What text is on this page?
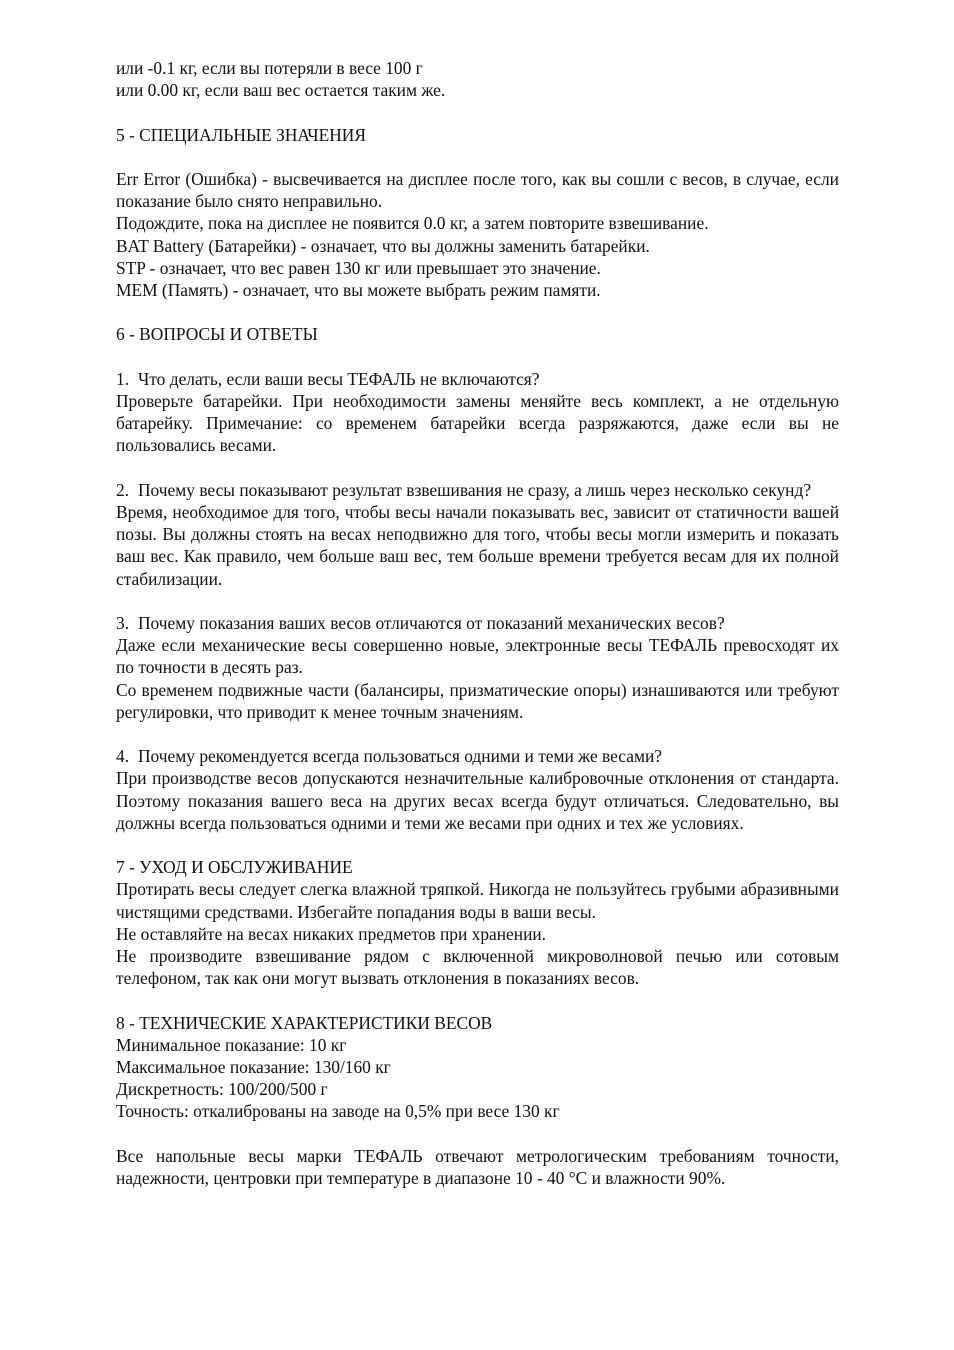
или -0.1 кг, если вы потеряли в весе 100 г

или 0.00 кг, если ваш вес остается таким же.

5 - СПЕЦИАЛЬНЫЕ ЗНАЧЕНИЯ

Err Error (Ошибка) - высвечивается на дисплее после того, как вы сошли с весов, в случае, если показание было снято неправильно.

Подождите, пока на дисплее не появится 0.0 кг, а затем повторите взвешивание.

BAT Battery (Батарейки) - означает, что вы должны заменить батарейки.

STP - означает, что вес равен 130 кг или превышает это значение.

MEM (Память) - означает, что вы можете выбрать режим памяти.

6 - ВОПРОСЫ И ОТВЕТЫ

1. Что делать, если ваши весы ТЕФАЛЬ не включаются?

Проверьте батарейки. При необходимости замены меняйте весь комплект, а не отдельную батарейку. Примечание: со временем батарейки всегда разряжаются, даже если вы не пользовались весами.

2. Почему весы показывают результат взвешивания не сразу, а лишь через несколько секунд?

Время, необходимое для того, чтобы весы начали показывать вес, зависит от статичности вашей позы. Вы должны стоять на весах неподвижно для того, чтобы весы могли измерить и показать ваш вес. Как правило, чем больше ваш вес, тем больше времени требуется весам для их полной стабилизации.

3. Почему показания ваших весов отличаются от показаний механических весов?

Даже если механические весы совершенно новые, электронные весы ТЕФАЛЬ превосходят их по точности в десять раз.

Со временем подвижные части (балансиры, призматические опоры) изнашиваются или требуют регулировки, что приводит к менее точным значениям.

4. Почему рекомендуется всегда пользоваться одними и теми же весами?

При производстве весов допускаются незначительные калибровочные отклонения от стандарта. Поэтому показания вашего веса на других весах всегда будут отличаться. Следовательно, вы должны всегда пользоваться одними и теми же весами при одних и тех же условиях.

7 - УХОД И ОБСЛУЖИВАНИЕ

Протирать весы следует слегка влажной тряпкой. Никогда не пользуйтесь грубыми абразивными чистящими средствами. Избегайте попадания воды в ваши весы.

Не оставляйте на весах никаких предметов при хранении.

Не производите взвешивание рядом с включенной микроволновой печью или сотовым телефоном, так как они могут вызвать отклонения в показаниях весов.

8 - ТЕХНИЧЕСКИЕ ХАРАКТЕРИСТИКИ ВЕСОВ

Минимальное показание: 10 кг

Максимальное показание: 130/160 кг

Дискретность: 100/200/500 г

Точность: откалиброваны на заводе на 0,5% при весе 130 кг

Все напольные весы марки ТЕФАЛЬ отвечают метрологическим требованиям точности, надежности, центровки при температуре в диапазоне 10 - 40 °С и влажности 90%.
